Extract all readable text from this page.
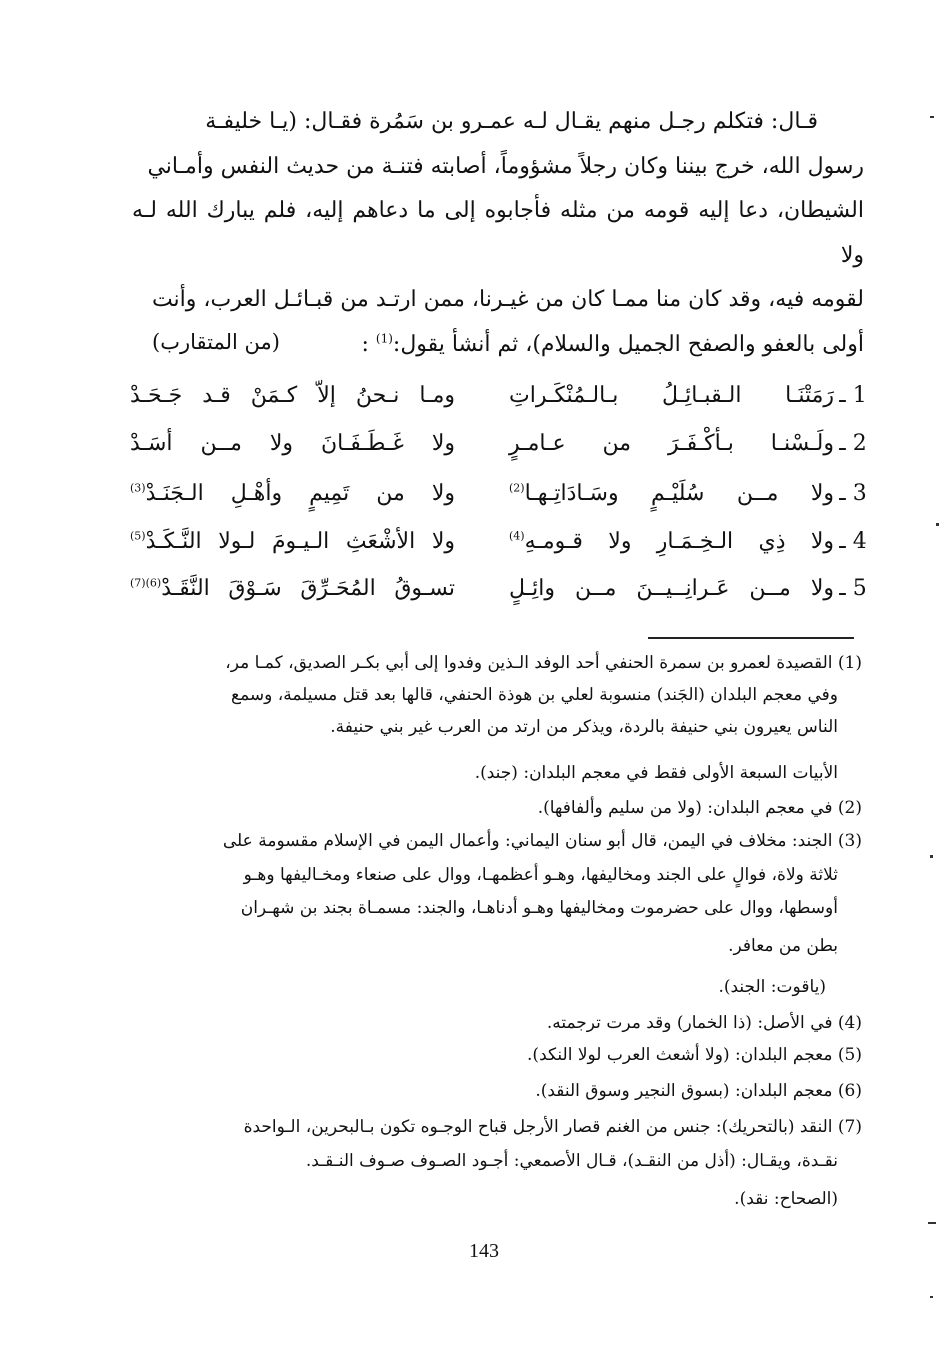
قـال: فتكلم رجـل منهم يقـال لـه عمـرو بن سَمُرة فقـال: (يـا خليفـة

رسول الله، خرج بيننا وكان رجلاً مشؤوماً، أصابته فتنـة من حديث النفس وأمـاني

الشيطان، دعا إليه قومه من مثله فأجابوه إلى ما دعاهم إليه، فلم يبارك الله لـه ولا

لقومه فيه، وقد كان منا ممـا كان من غيـرنا، ممن ارتـد من قبـائـل العرب، وأنت

أولى بالعفو والصفح الجميل والسلام)، ثم أنشأ يقول:$^{(1)}$ :

(من المتقارب)
1 ـ
رَمَتْنَـا الـقبـائِـلُ بـالـمُنْكَـراتِ
ومـا نـحنُ إلاّ كـمَنْ قـد جَـحَـدْ
2 ـ
ولَـسْنـا بـأكْـفَـرَ من عـامـرٍ
ولا غَـطَـفَـانَ ولا مــن أسَـدْ
3 ـ
ولا مــن سُلَيْـمٍ وسَـادَاتِـهـا$^{(2)}$
ولا من تَمِيمٍ وأهْـلِ الـجَنَـدْ$^{(3)}$
4 ـ
ولا ذِي الـخِـمَـارِ ولا قـومـهِ$^{(4)}$
ولا الأشْعَثِ الـيـومَ لـولا النَّـكَـدْ$^{(5)}$
5 ـ
ولا مــن عَـرانِــيــنَ مــن وائِـلٍ
تسـوقُ المُحَـرِّقَ سَـوْقَ النَّقَـدْ$^{(6)(7)}$
(1) القصيدة لعمرو بن سمرة الحنفي أحد الوفد الـذين وفدوا إلى أبي بكـر الصديق، كمـا مر،
وفي معجم البلدان (الجَند) منسوبة لعلي بن هوذة الحنفي، قالها بعد قتل مسيلمة، وسمع
الناس يعيرون بني حنيفة بالردة، ويذكر من ارتد من العرب غير بني حنيفة.
الأبيات السبعة الأولى فقط في معجم البلدان: (جند).
(2) في معجم البلدان: (ولا من سليم وألفافها).
(3) الجند: مخلاف في اليمن، قال أبو سنان اليماني: وأعمال اليمن في الإسلام مقسومة على
ثلاثة ولاة، فوالٍ على الجند ومخاليفها، وهـو أعظمهـا، ووال على صنعاء ومخـاليفها وهـو
أوسطها، ووال على حضرموت ومخاليفها وهـو أدناهـا، والجند: مسمـاة بجند بن شهـران
بطن من معافر.
(ياقوت: الجند).
(4) في الأصل: (ذا الخمار) وقد مرت ترجمته.
(5) معجم البلدان: (ولا أشعث العرب لولا النكد).
(6) معجم البلدان: (بسوق النجير وسوق النقد).
(7) النقد (بالتحريك): جنس من الغنم قصار الأرجل قباح الوجـوه تكون بـالبحرين، الـواحدة
نقـدة، ويقـال: (أذل من النقـد)، قـال الأصمعي: أجـود الصـوف صـوف النـقـد.
(الصحاح: نقد).
143
